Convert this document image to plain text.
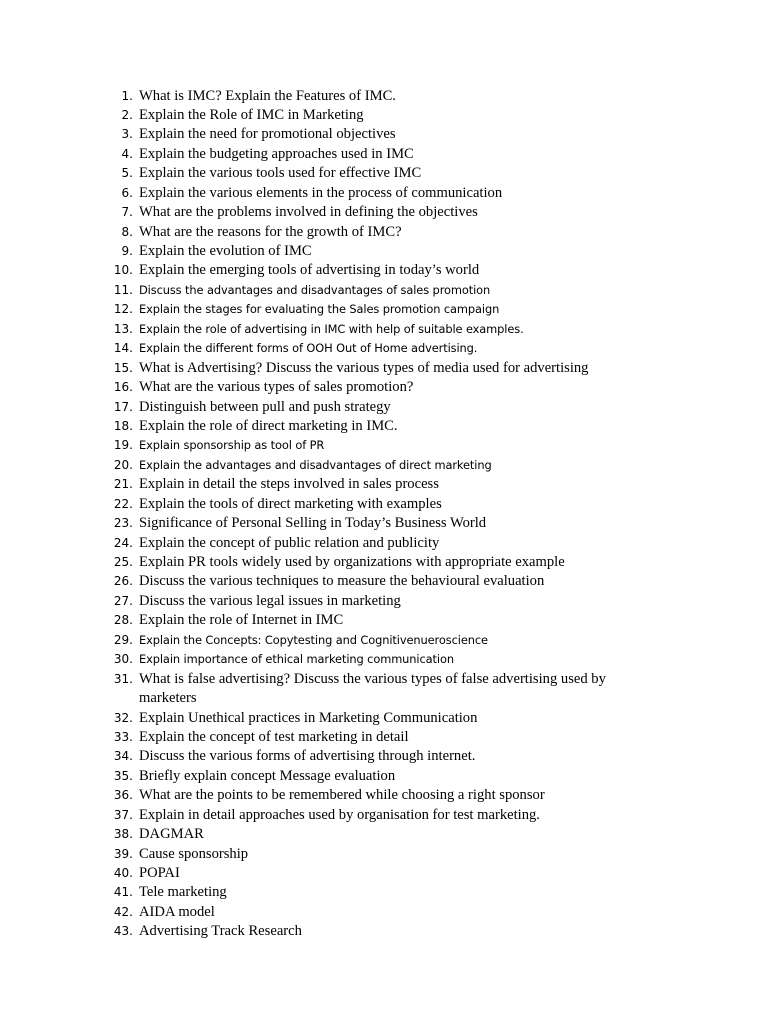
1. What is IMC? Explain the Features of IMC.
2. Explain the Role of IMC in Marketing
3. Explain the need for promotional objectives
4. Explain the budgeting approaches used in IMC
5. Explain the various tools used for effective IMC
6. Explain the various elements in the process of communication
7. What are the problems involved in defining the objectives
8. What are the reasons for the growth of IMC?
9. Explain the evolution of IMC
10. Explain the emerging tools of advertising in today’s world
11. Discuss the advantages and disadvantages of sales promotion
12. Explain the stages for evaluating the Sales promotion campaign
13. Explain the role of advertising in IMC with help of suitable examples.
14. Explain the different forms of OOH Out of Home advertising.
15. What is Advertising? Discuss the various types of media used for advertising
16. What are the various types of sales promotion?
17. Distinguish between pull and push strategy
18. Explain the role of direct marketing in IMC.
19. Explain sponsorship as tool of PR
20. Explain the advantages and disadvantages of direct marketing
21. Explain in detail the steps involved in sales process
22. Explain the tools of direct marketing with examples
23. Significance of Personal Selling in Today’s Business World
24. Explain the concept of public relation and publicity
25. Explain PR tools widely used by organizations with appropriate example
26. Discuss the various techniques to measure the behavioural evaluation
27. Discuss the various legal issues in marketing
28. Explain the role of Internet in IMC
29. Explain the Concepts: Copytesting and Cognitivenueroscience
30. Explain importance of ethical marketing communication
31. What is false advertising? Discuss the various types of false advertising used by marketers
32. Explain Unethical practices in Marketing Communication
33. Explain the concept of test marketing in detail
34. Discuss the various forms of advertising through internet.
35. Briefly explain concept Message evaluation
36. What are the points to be remembered while choosing a right sponsor
37. Explain in detail approaches used by organisation for test marketing.
38. DAGMAR
39. Cause sponsorship
40. POPAI
41. Tele marketing
42. AIDA model
43. Advertising Track Research
